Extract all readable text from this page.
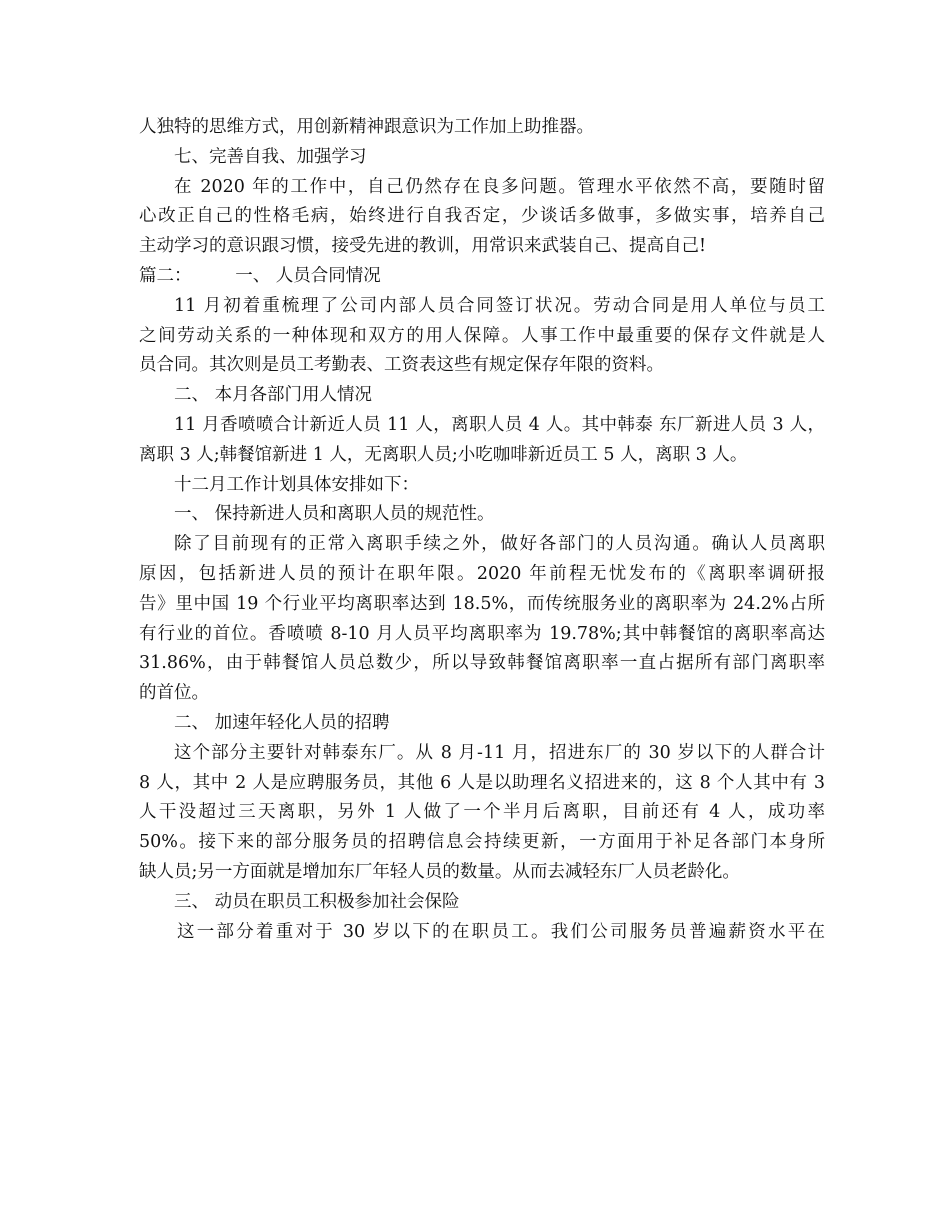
人独特的思维方式，用创新精神跟意识为工作加上助推器。
七、完善自我、加强学习
在 2020 年的工作中，自己仍然存在良多问题。管理水平依然不高，要随时留
心改正自己的性格毛病，始终进行自我否定，少谈话多做事，多做实事，培养自己
主动学习的意识跟习惯，接受先进的教训，用常识来武装自己、提高自己!
篇二：　　　一、 人员合同情况
11 月初着重梳理了公司内部人员合同签订状况。劳动合同是用人单位与员工
之间劳动关系的一种体现和双方的用人保障。人事工作中最重要的保存文件就是人
员合同。其次则是员工考勤表、工资表这些有规定保存年限的资料。
二、 本月各部门用人情况
11 月香喷喷合计新近人员 11 人，离职人员 4 人。其中韩泰 东厂新进人员 3 人，
离职 3 人;韩餐馆新进 1 人，无离职人员;小吃咖啡新近员工 5 人，离职 3 人。
十二月工作计划具体安排如下：
一、 保持新进人员和离职人员的规范性。
除了目前现有的正常入离职手续之外，做好各部门的人员沟通。确认人员离职
原因，包括新进人员的预计在职年限。2020 年前程无忧发布的《离职率调研报
告》里中国 19 个行业平均离职率达到 18.5%，而传统服务业的离职率为 24.2%占所
有行业的首位。香喷喷 8-10 月人员平均离职率为 19.78%;其中韩餐馆的离职率高达
31.86%，由于韩餐馆人员总数少，所以导致韩餐馆离职率一直占据所有部门离职率
的首位。
二、 加速年轻化人员的招聘
这个部分主要针对韩泰东厂。从 8 月-11 月，招进东厂的 30 岁以下的人群合计
8 人，其中 2 人是应聘服务员，其他 6 人是以助理名义招进来的，这 8 个人其中有 3
人干没超过三天离职，另外 1 人做了一个半月后离职，目前还有 4 人，成功率
50%。接下来的部分服务员的招聘信息会持续更新，一方面用于补足各部门本身所
缺人员;另一方面就是增加东厂年轻人员的数量。从而去减轻东厂人员老龄化。
三、 动员在职员工积极参加社会保险
这一部分着重对于 30 岁以下的在职员工。我们公司服务员普遍薪资水平在
